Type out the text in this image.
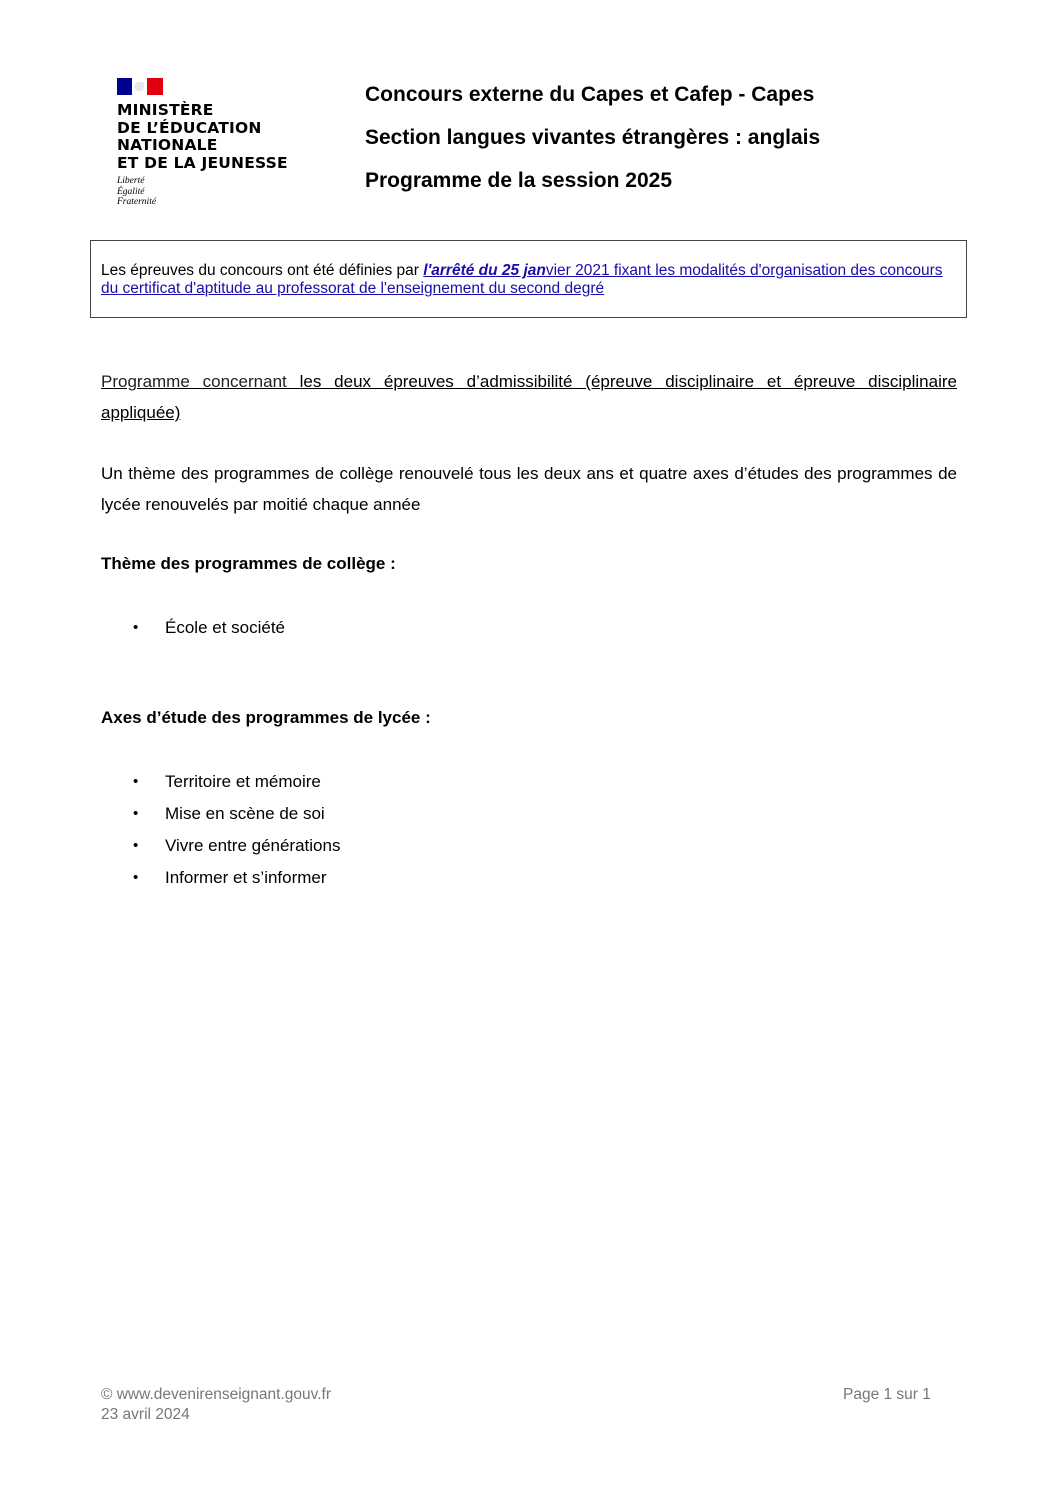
MINISTÈRE
DE L’ÉDUCATION
NATIONALE
ET DE LA JEUNESSE
Liberté
Égalité
Fraternité
Concours externe du Capes et Cafep - Capes
Section langues vivantes étrangères : anglais
Programme de la session 2025
Les épreuves du concours ont été définies par l'arrêté du 25 janvier 2021 fixant les modalités d'organisation des concours du certificat d'aptitude au professorat de l'enseignement du second degré
Programme concernant les deux épreuves d’admissibilité (épreuve disciplinaire et épreuve disciplinaire appliquée)
Un thème des programmes de collège renouvelé tous les deux ans et quatre axes d’études des programmes de lycée renouvelés par moitié chaque année
Thème des programmes de collège :
• École et société
Axes d’étude des programmes de lycée :
• Territoire et mémoire
• Mise en scène de soi
• Vivre entre générations
• Informer et s’informer
© www.devenirenseignant.gouv.fr
23 avril 2024
Page 1 sur 1
